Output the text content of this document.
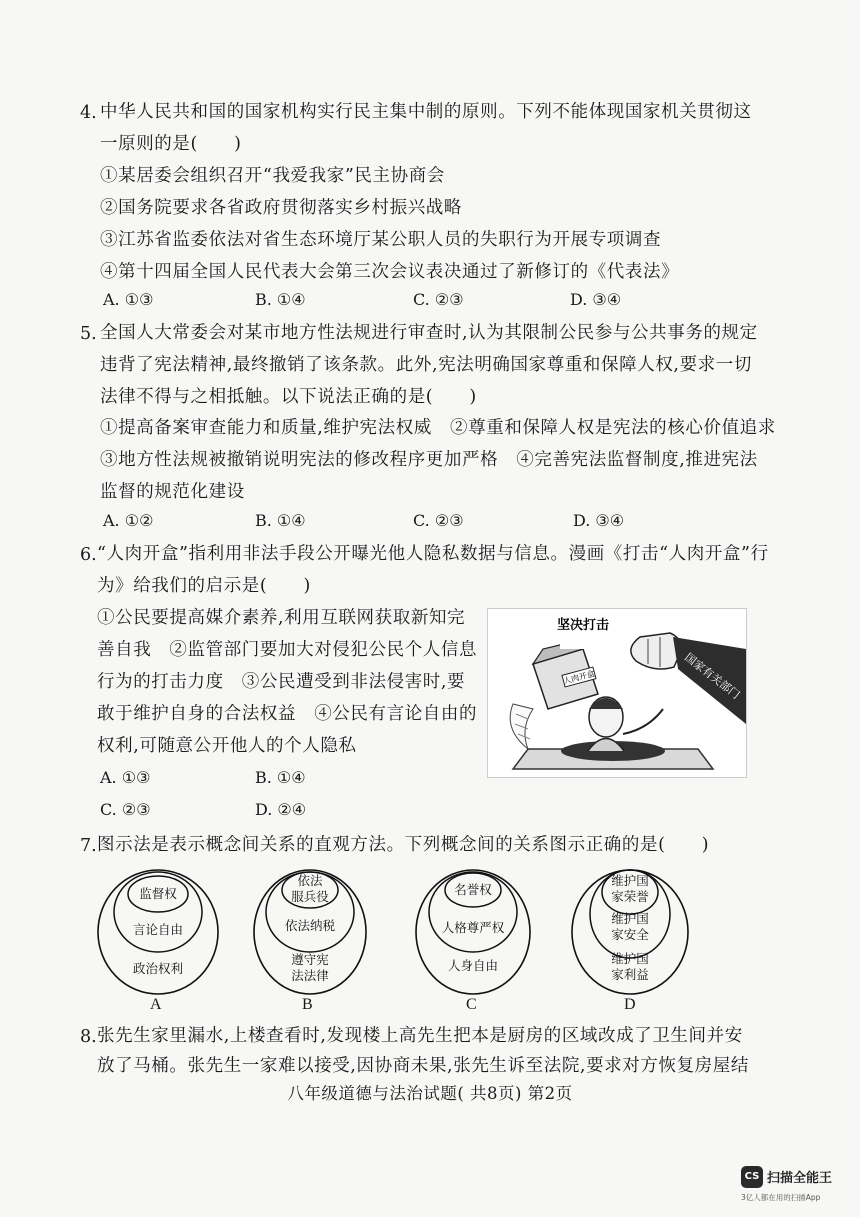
4. 中华人民共和国的国家机构实行民主集中制的原则。下列不能体现国家机关贯彻这
一原则的是(　　)
①某居委会组织召开“我爱我家”民主协商会
②国务院要求各省政府贯彻落实乡村振兴战略
③江苏省监委依法对省生态环境厅某公职人员的失职行为开展专项调查
④第十四届全国人民代表大会第三次会议表决通过了新修订的《代表法》
A. ①③	B. ①④	C. ②③	D. ③④
5. 全国人大常委会对某市地方性法规进行审查时,认为其限制公民参与公共事务的规定
违背了宪法精神,最终撤销了该条款。此外,宪法明确国家尊重和保障人权,要求一切
法律不得与之相抵触。以下说法正确的是(　　)
①提高备案审查能力和质量,维护宪法权威　②尊重和保障人权是宪法的核心价值追求
③地方性法规被撤销说明宪法的修改程序更加严格　④完善宪法监督制度,推进宪法
监督的规范化建设
A. ①②	B. ①④	C. ②③	D. ③④
6. “人肉开盒”指利用非法手段公开曝光他人隐私数据与信息。漫画《打击“人肉开盒”行
为》给我们的启示是(　　)
①公民要提高媒介素养,利用互联网获取新知完
善自我　②监管部门要加大对侵犯公民个人信息
行为的打击力度　③公民遭受到非法侵害时,要
敢于维护自身的合法权益　④公民有言论自由的
权利,可随意公开他人的个人隐私
A. ①③	B. ①④
C. ②③	D. ②④
人肉开盒	国家有关部门
坚决打击
7. 图示法是表示概念间关系的直观方法。下列概念间的关系图示正确的是(　　)
监督权
言论自由
政治权利
A
依法
服兵役
依法纳税
遵守宪
法法律
B
名誉权
人格尊严权
人身自由
C
维护国
家荣誉
维护国
家安全
维护国
家利益
D
8. 张先生家里漏水,上楼查看时,发现楼上高先生把本是厨房的区域改成了卫生间并安
放了马桶。张先生一家难以接受,因协商未果,张先生诉至法院,要求对方恢复房屋结
八年级道德与法治试题( 共8页) 第2页
CS 扫描全能王
3亿人都在用的扫描App
